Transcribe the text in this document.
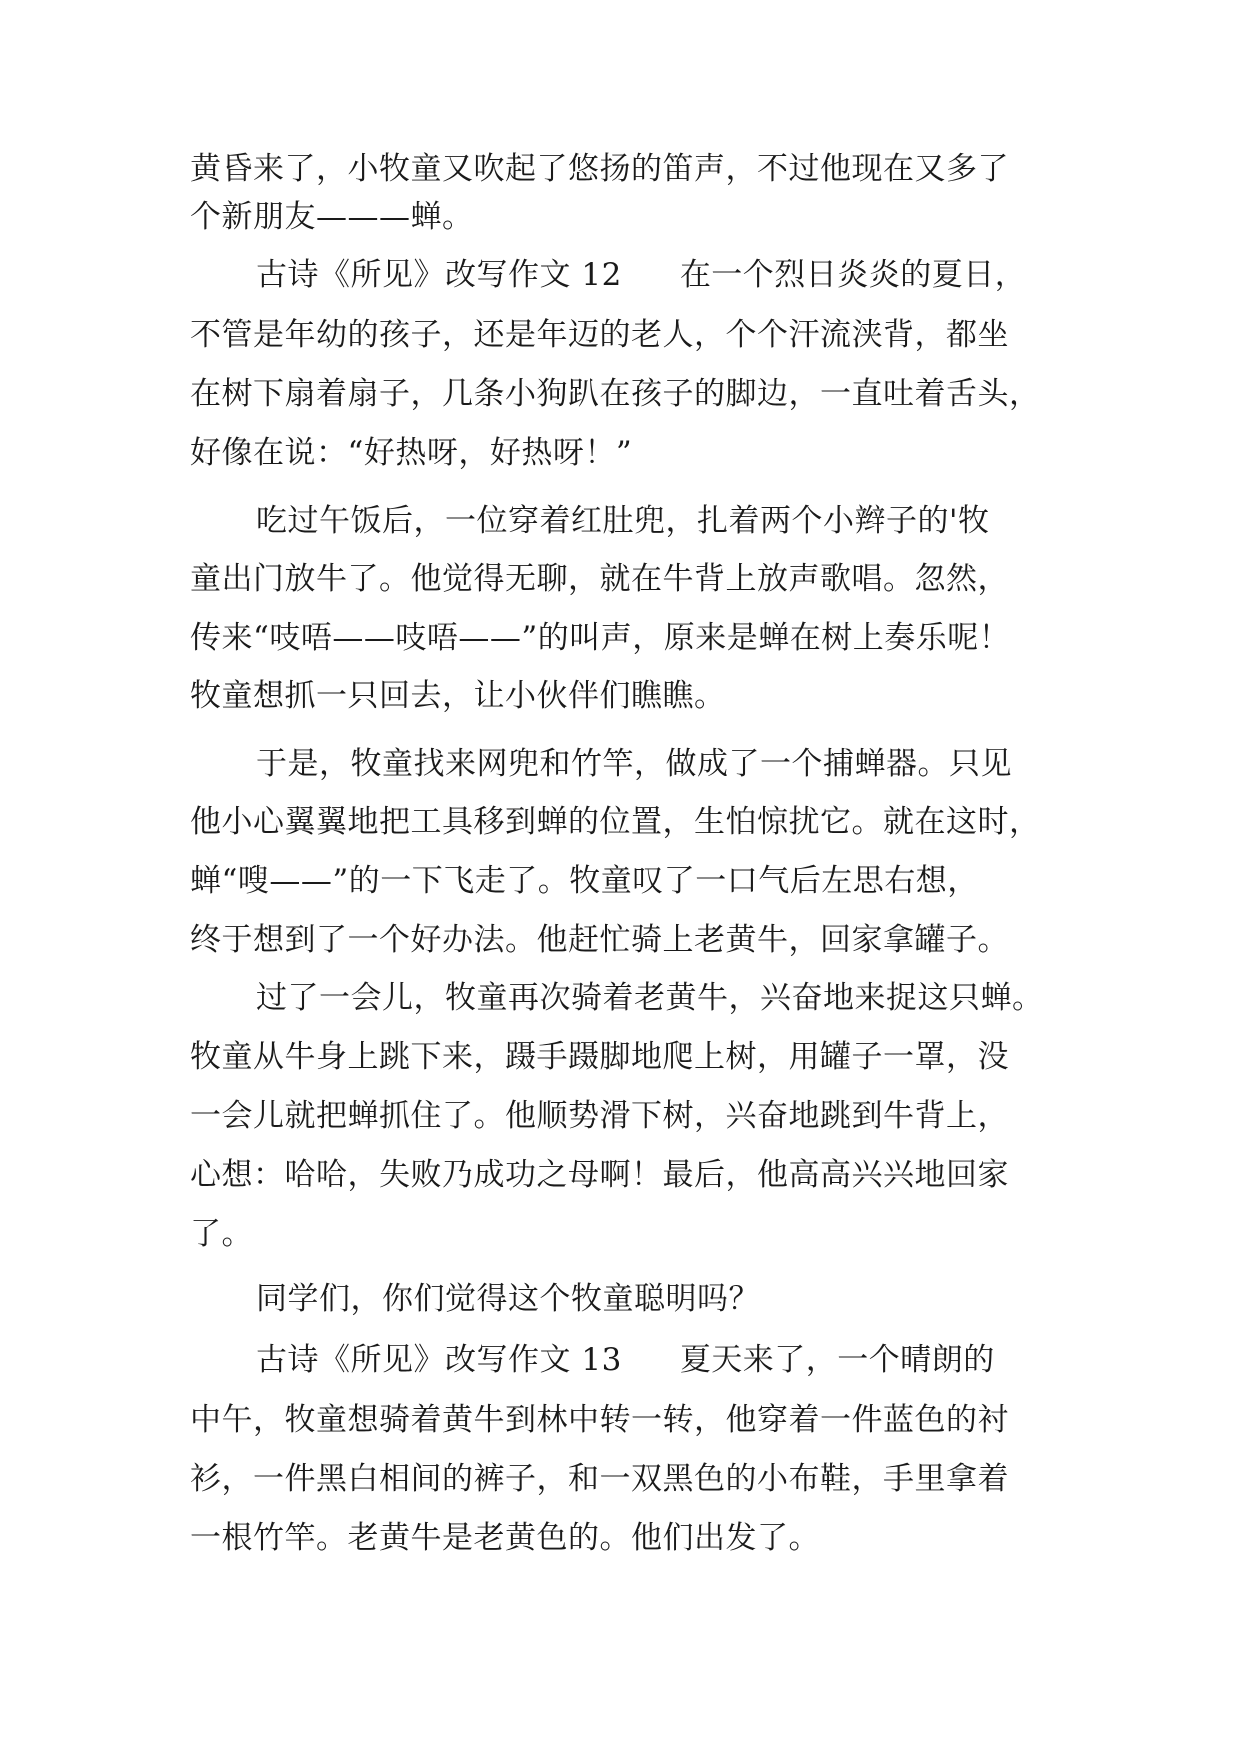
黄昏来了，小牧童又吹起了悠扬的笛声，不过他现在又多了
个新朋友———蝉。
古诗《所见》改写作文 12 在一个烈日炎炎的夏日，
不管是年幼的孩子，还是年迈的老人，个个汗流浃背，都坐
在树下扇着扇子，几条小狗趴在孩子的脚边，一直吐着舌头，
好像在说：“好热呀，好热呀！”
吃过午饭后，一位穿着红肚兜，扎着两个小辫子的'牧
童出门放牛了。他觉得无聊，就在牛背上放声歌唱。忽然，
传来“吱唔——吱唔——”的叫声，原来是蝉在树上奏乐呢！
牧童想抓一只回去，让小伙伴们瞧瞧。
于是，牧童找来网兜和竹竿，做成了一个捕蝉器。只见
他小心翼翼地把工具移到蝉的位置，生怕惊扰它。就在这时，
蝉“嗖——”的一下飞走了。牧童叹了一口气后左思右想，
终于想到了一个好办法。他赶忙骑上老黄牛，回家拿罐子。
过了一会儿，牧童再次骑着老黄牛，兴奋地来捉这只蝉。
牧童从牛身上跳下来，蹑手蹑脚地爬上树，用罐子一罩，没
一会儿就把蝉抓住了。他顺势滑下树，兴奋地跳到牛背上，
心想：哈哈，失败乃成功之母啊！最后，他高高兴兴地回家
了。
同学们，你们觉得这个牧童聪明吗？
古诗《所见》改写作文 13 夏天来了，一个晴朗的
中午，牧童想骑着黄牛到林中转一转，他穿着一件蓝色的衬
衫，一件黑白相间的裤子，和一双黑色的小布鞋，手里拿着
一根竹竿。老黄牛是老黄色的。他们出发了。
